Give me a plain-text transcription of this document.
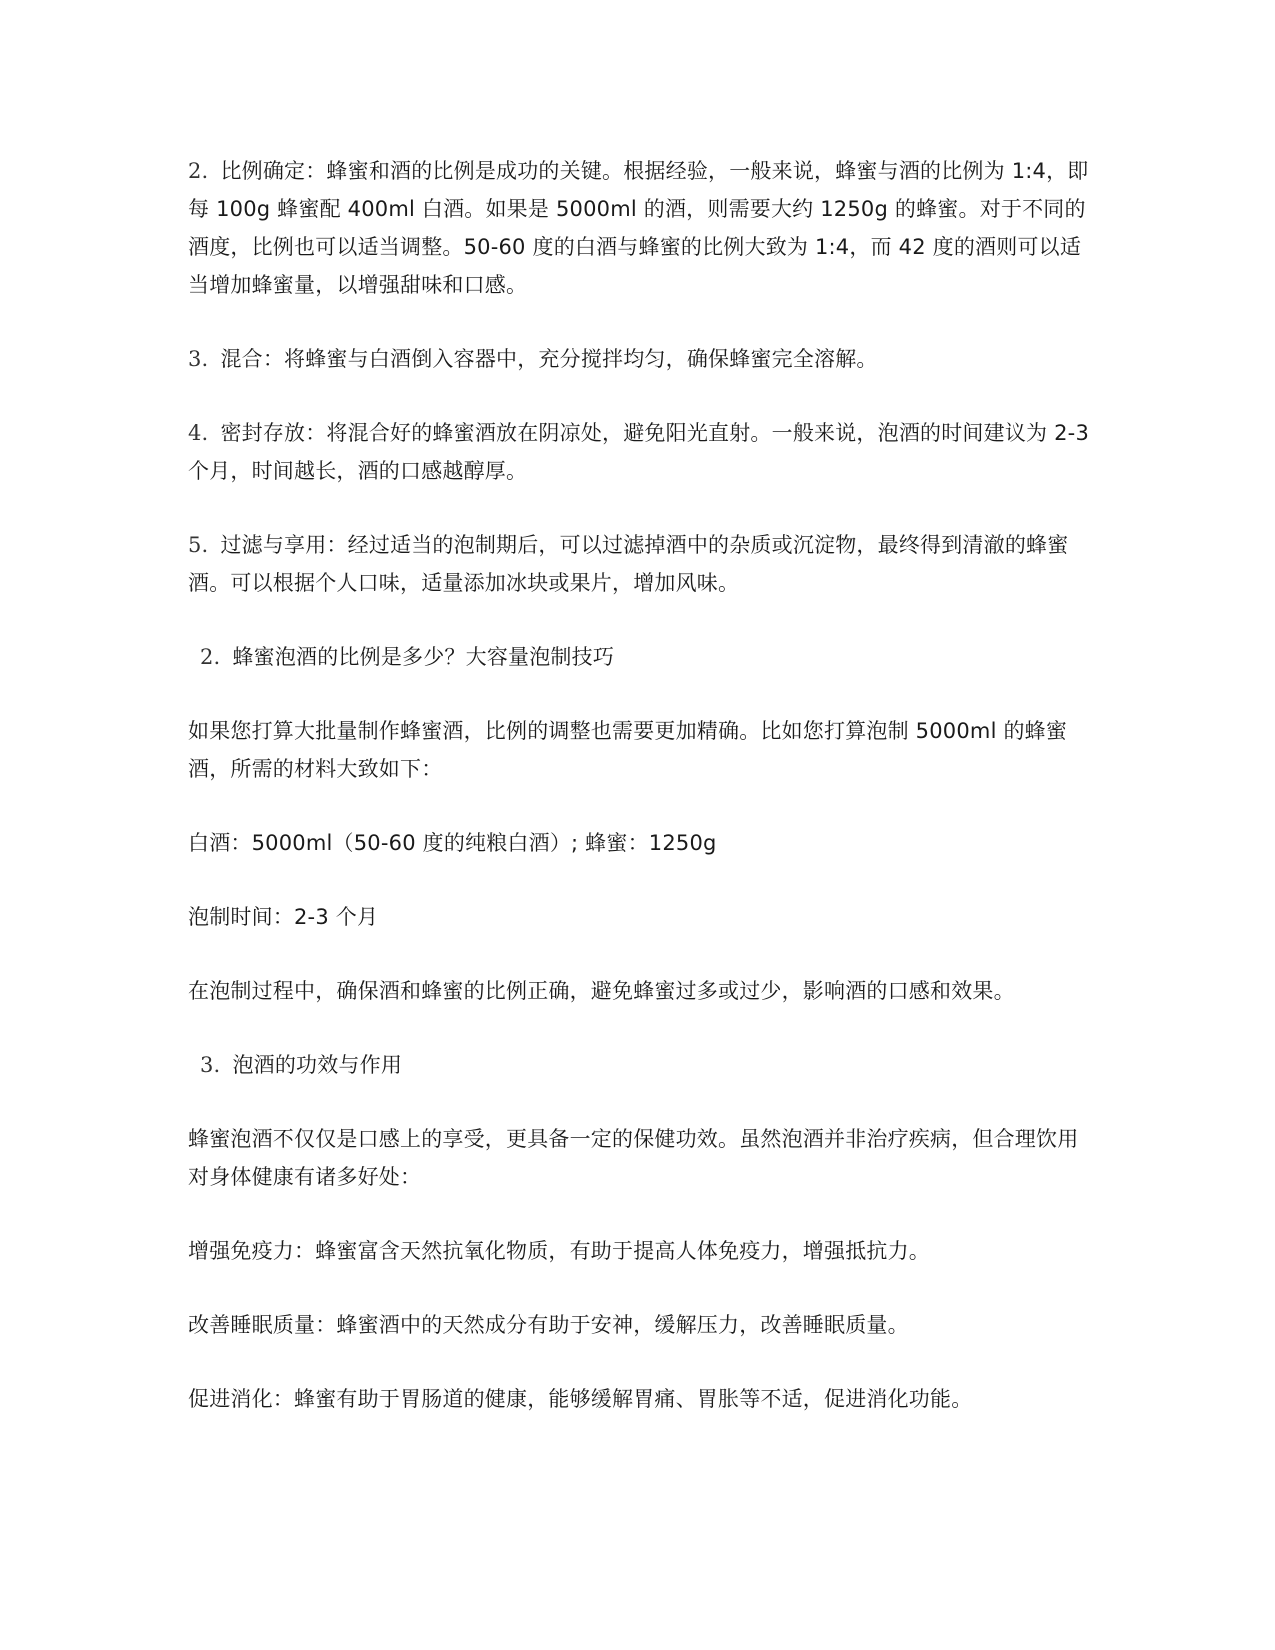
2. 比例确定：蜂蜜和酒的比例是成功的关键。根据经验，一般来说，蜂蜜与酒的比例为 1:4，即每 100g 蜂蜜配 400ml 白酒。如果是 5000ml 的酒，则需要大约 1250g 的蜂蜜。对于不同的酒度，比例也可以适当调整。50-60 度的白酒与蜂蜜的比例大致为 1:4，而 42 度的酒则可以适当增加蜂蜜量，以增强甜味和口感。

3. 混合：将蜂蜜与白酒倒入容器中，充分搅拌均匀，确保蜂蜜完全溶解。

4. 密封存放：将混合好的蜂蜜酒放在阴凉处，避免阳光直射。一般来说，泡酒的时间建议为 2-3 个月，时间越长，酒的口感越醇厚。

5. 过滤与享用：经过适当的泡制期后，可以过滤掉酒中的杂质或沉淀物，最终得到清澈的蜂蜜酒。可以根据个人口味，适量添加冰块或果片，增加风味。

2. 蜂蜜泡酒的比例是多少？大容量泡制技巧

如果您打算大批量制作蜂蜜酒，比例的调整也需要更加精确。比如您打算泡制 5000ml 的蜂蜜酒，所需的材料大致如下：

白酒：5000ml（50-60 度的纯粮白酒）; 蜂蜜：1250g

泡制时间：2-3 个月

在泡制过程中，确保酒和蜂蜜的比例正确，避免蜂蜜过多或过少，影响酒的口感和效果。

3. 泡酒的功效与作用

蜂蜜泡酒不仅仅是口感上的享受，更具备一定的保健功效。虽然泡酒并非治疗疾病，但合理饮用对身体健康有诸多好处：

增强免疫力：蜂蜜富含天然抗氧化物质，有助于提高人体免疫力，增强抵抗力。

改善睡眠质量：蜂蜜酒中的天然成分有助于安神，缓解压力，改善睡眠质量。

促进消化：蜂蜜有助于胃肠道的健康，能够缓解胃痛、胃胀等不适，促进消化功能。
